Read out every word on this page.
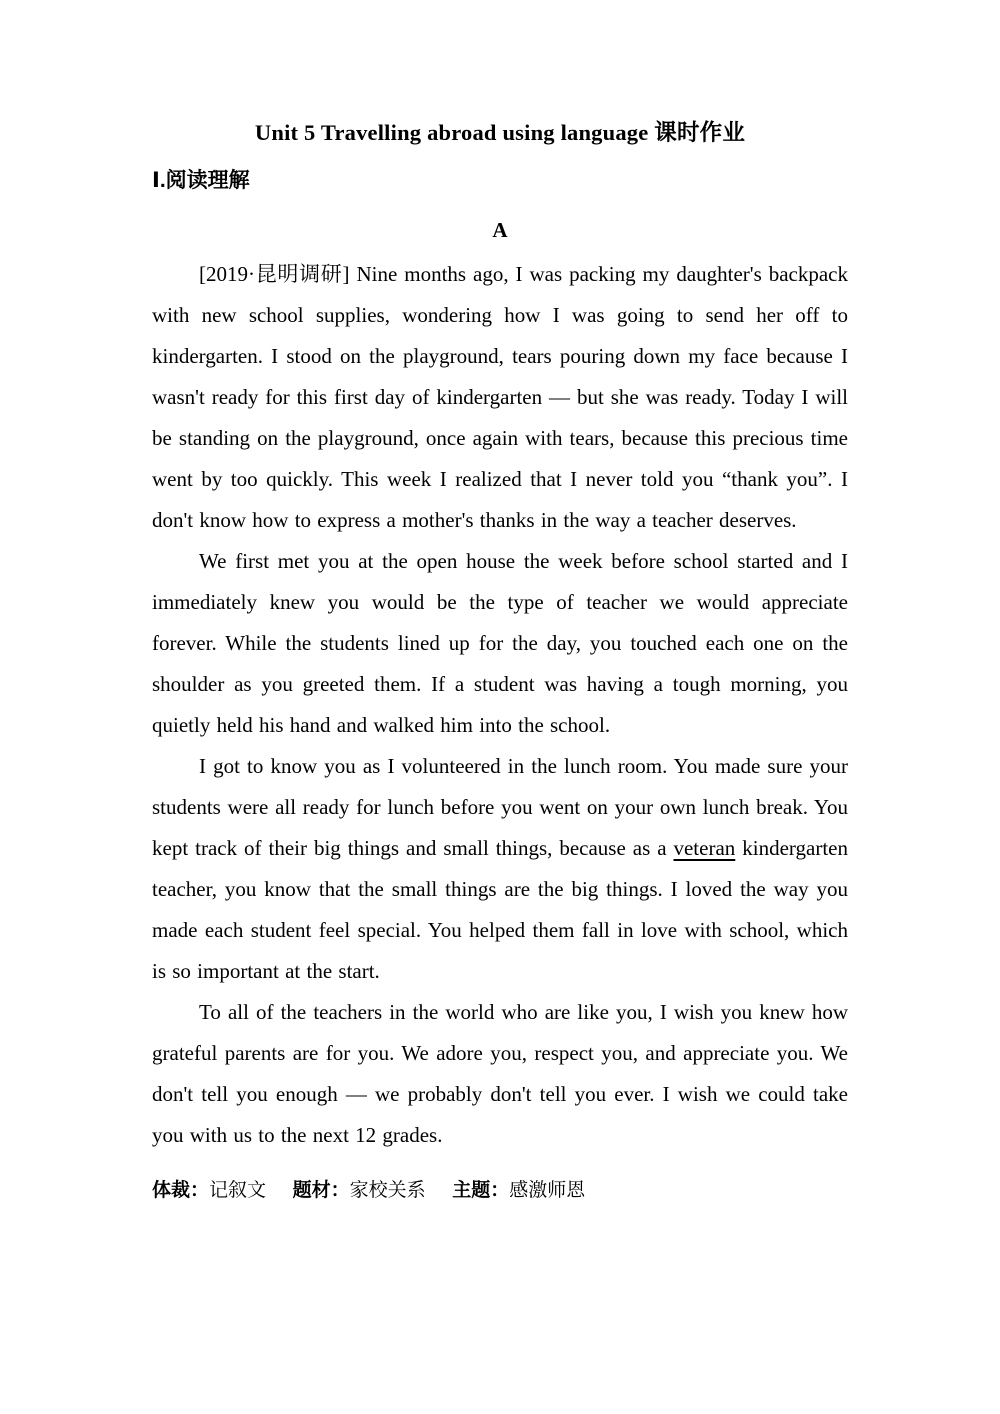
Unit 5 Travelling abroad using language 课时作业
Ⅰ.阅读理解
A

[2019·昆明调研] Nine months ago, I was packing my daughter's backpack with new school supplies, wondering how I was going to send her off to kindergarten. I stood on the playground, tears pouring down my face because I wasn't ready for this first day of kindergarten — but she was ready. Today I will be standing on the playground, once again with tears, because this precious time went by too quickly. This week I realized that I never told you “thank you”. I don't know how to express a mother's thanks in the way a teacher deserves.

We first met you at the open house the week before school started and I immediately knew you would be the type of teacher we would appreciate forever. While the students lined up for the day, you touched each one on the shoulder as you greeted them. If a student was having a tough morning, you quietly held his hand and walked him into the school.

I got to know you as I volunteered in the lunch room. You made sure your students were all ready for lunch before you went on your own lunch break. You kept track of their big things and small things, because as a veteran kindergarten teacher, you know that the small things are the big things. I loved the way you made each student feel special. You helped them fall in love with school, which is so important at the start.

To all of the teachers in the world who are like you, I wish you knew how grateful parents are for you. We adore you, respect you, and appreciate you. We don't tell you enough — we probably don't tell you ever. I wish we could take you with us to the next 12 grades.

体裁：记叙文 题材：家校关系 主题：感激师恩
